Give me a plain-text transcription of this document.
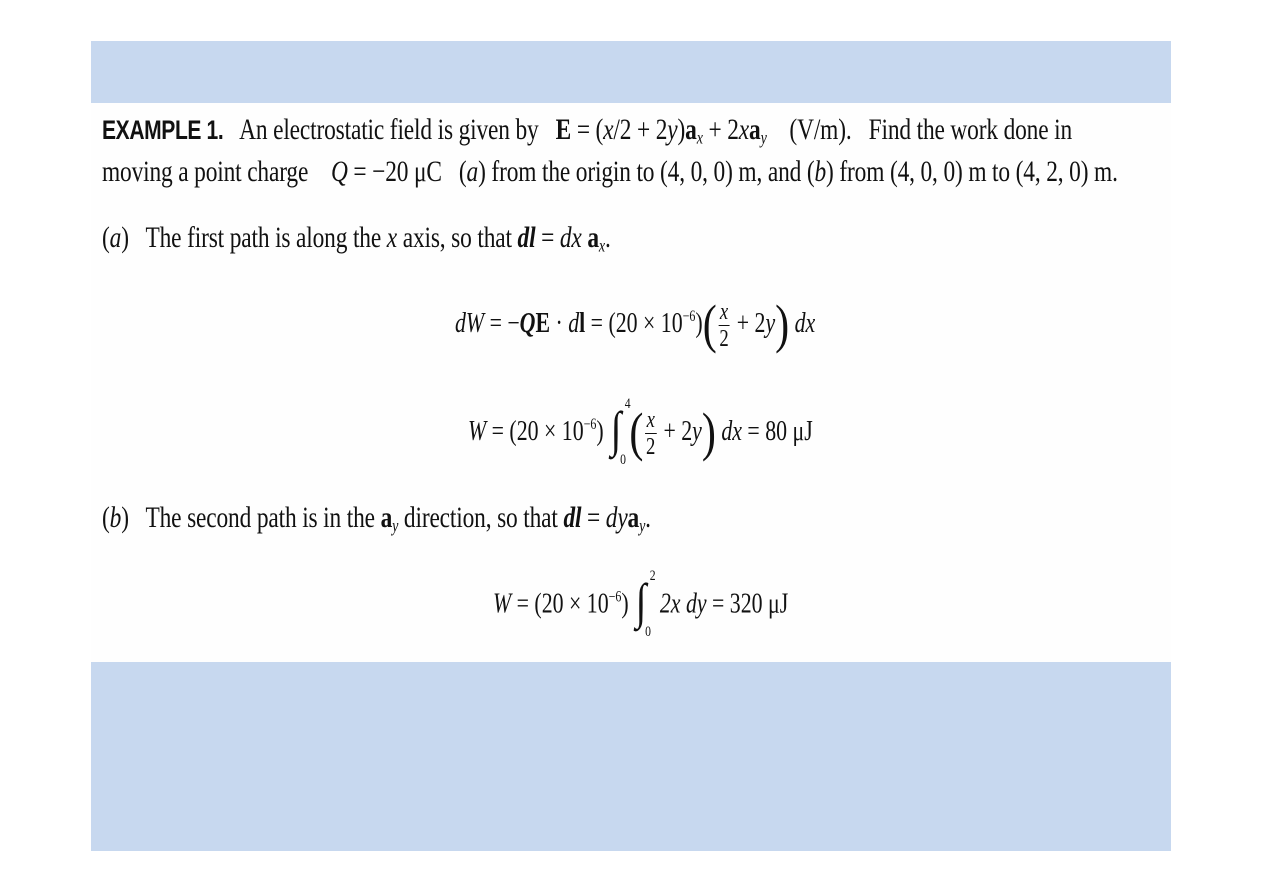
EXAMPLE 1. An electrostatic field is given by $E = (x/2 + 2y)a_x + 2xa_y$ (V/m). Find the work done in
moving a point charge Q = −20 μC (a) from the origin to (4, 0, 0) m, and (b) from (4, 0, 0) m to (4, 2, 0) m.
(a) The first path is along the x axis, so that dl = dx $a_x$.
dW = −QE · dl = $(20 \times 10^{-6})( \frac{x}{2} + 2y)$ dx
$W = (20 \times 10^{-6})$ ∫ 4
0 ( $\frac{x}{2} + 2y$) dx = 80 μJ
(b) The second path is in the $a_y$ direction, so that dl = dya$_y$.
$W = (20 \times 10^{-6})$ ∫ 2
0
2x dy = 320 μJ
